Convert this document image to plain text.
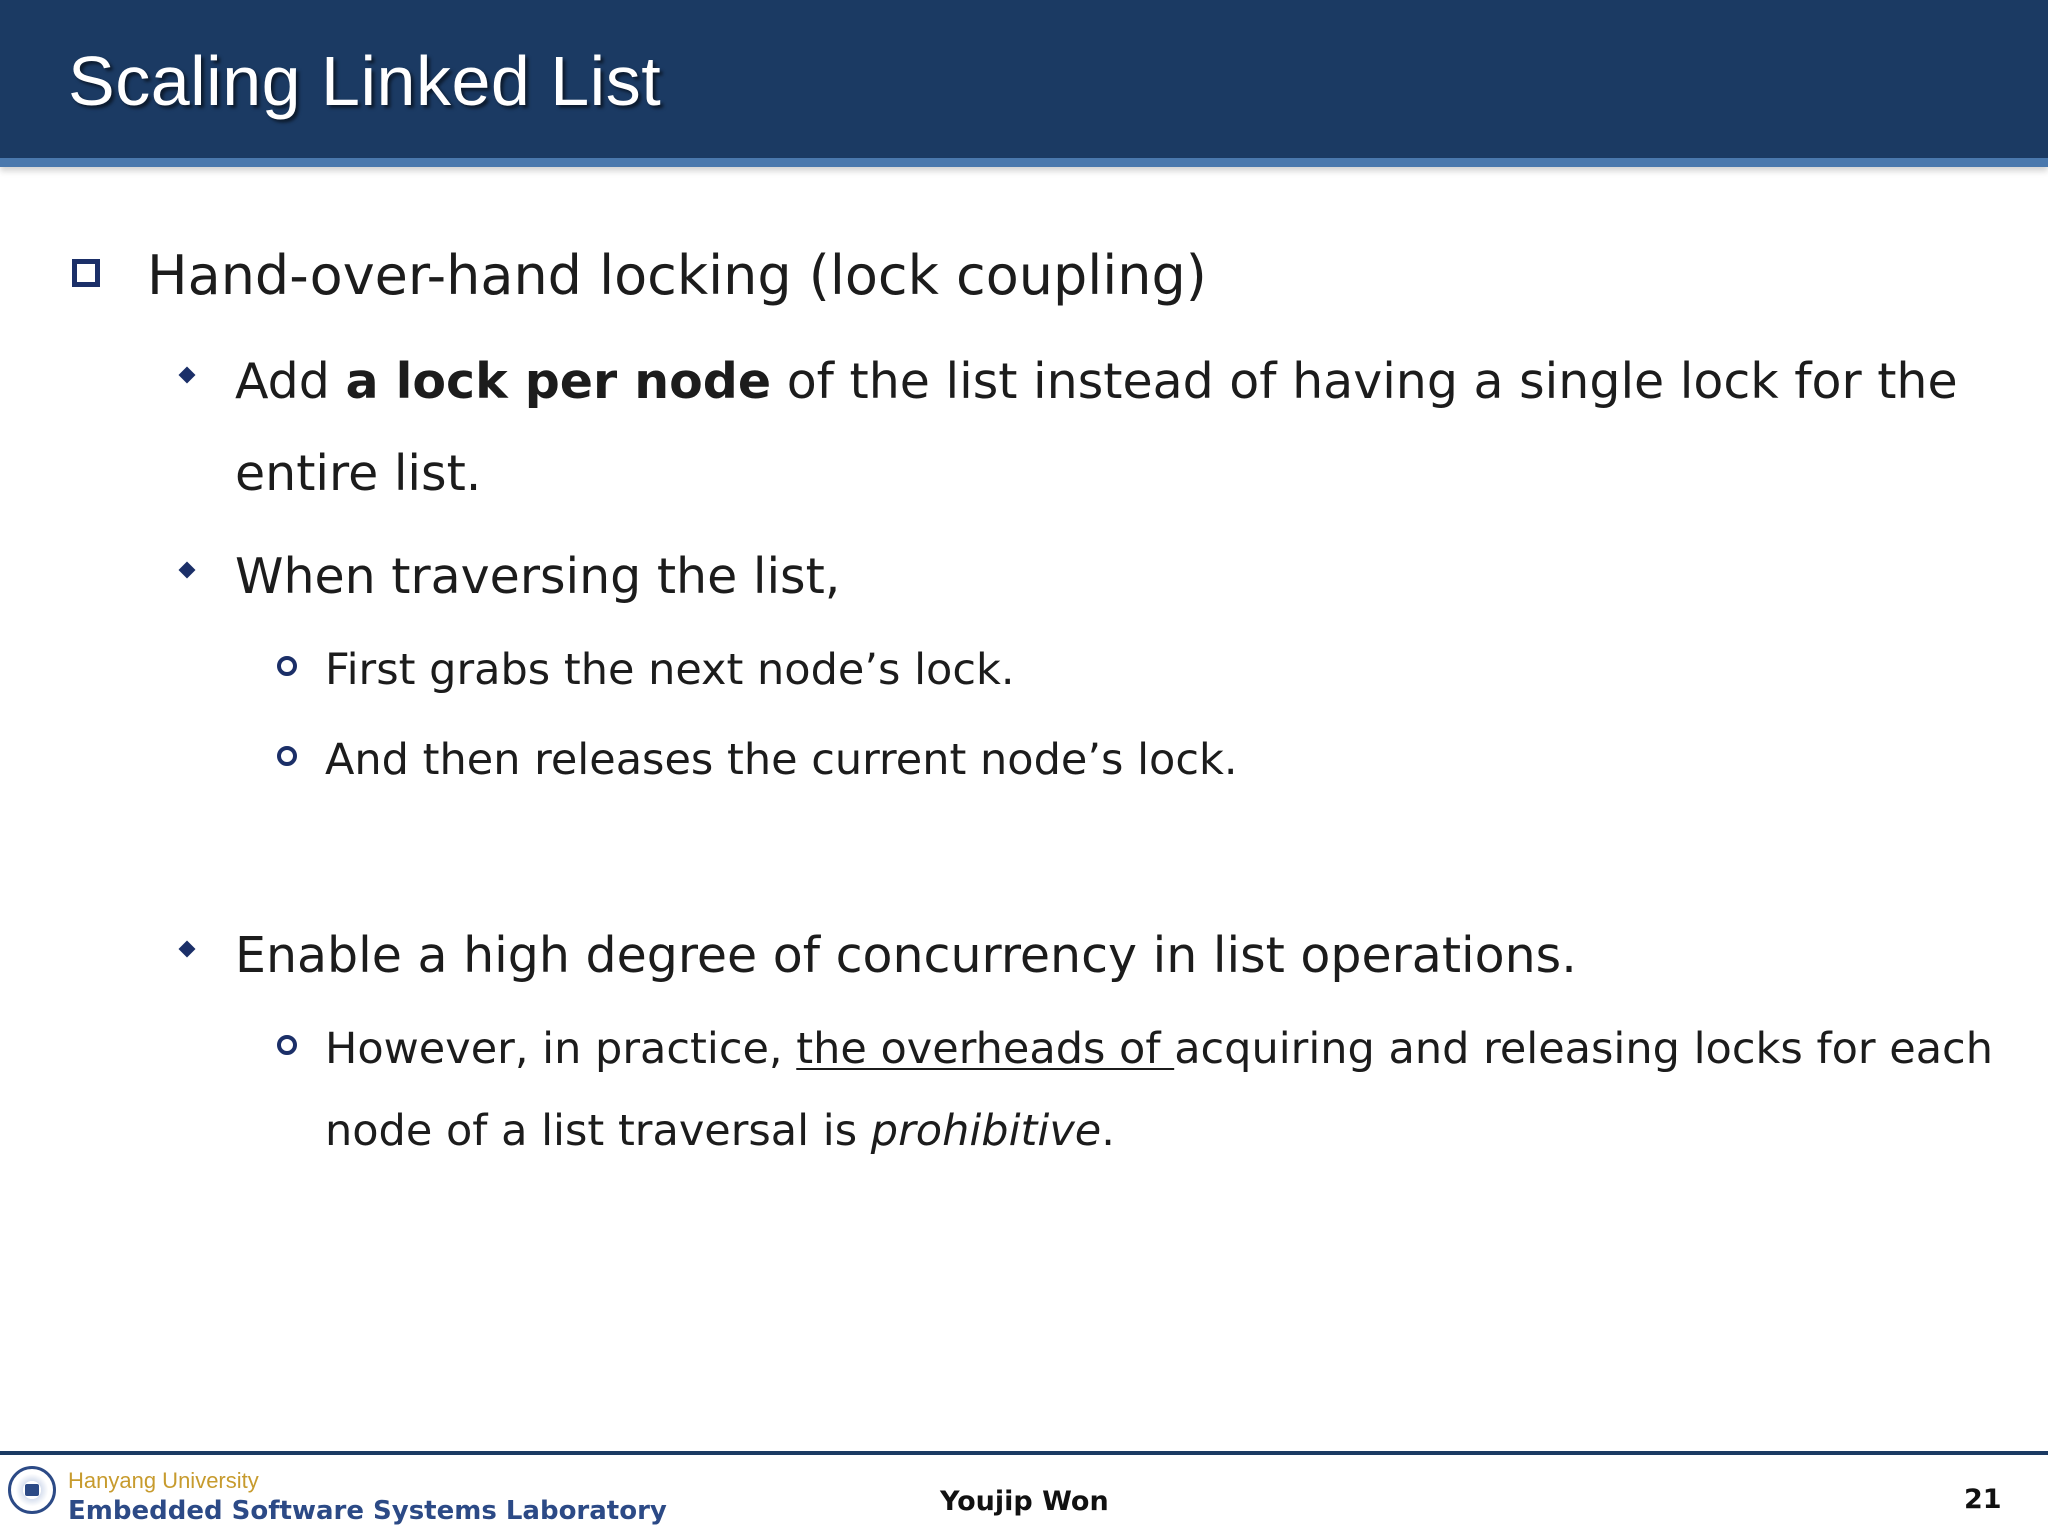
Scaling Linked List
Hand-over-hand locking (lock coupling)
Add a lock per node of the list instead of having a single lock for the
entire list.
When traversing the list,
First grabs the next node’s lock.
And then releases the current node’s lock.
Enable a high degree of concurrency in list operations.
However, in practice, the overheads of acquiring and releasing locks for each
node of a list traversal is prohibitive.
Hanyang University
Embedded Software Systems Laboratory	Youjip Won	21
